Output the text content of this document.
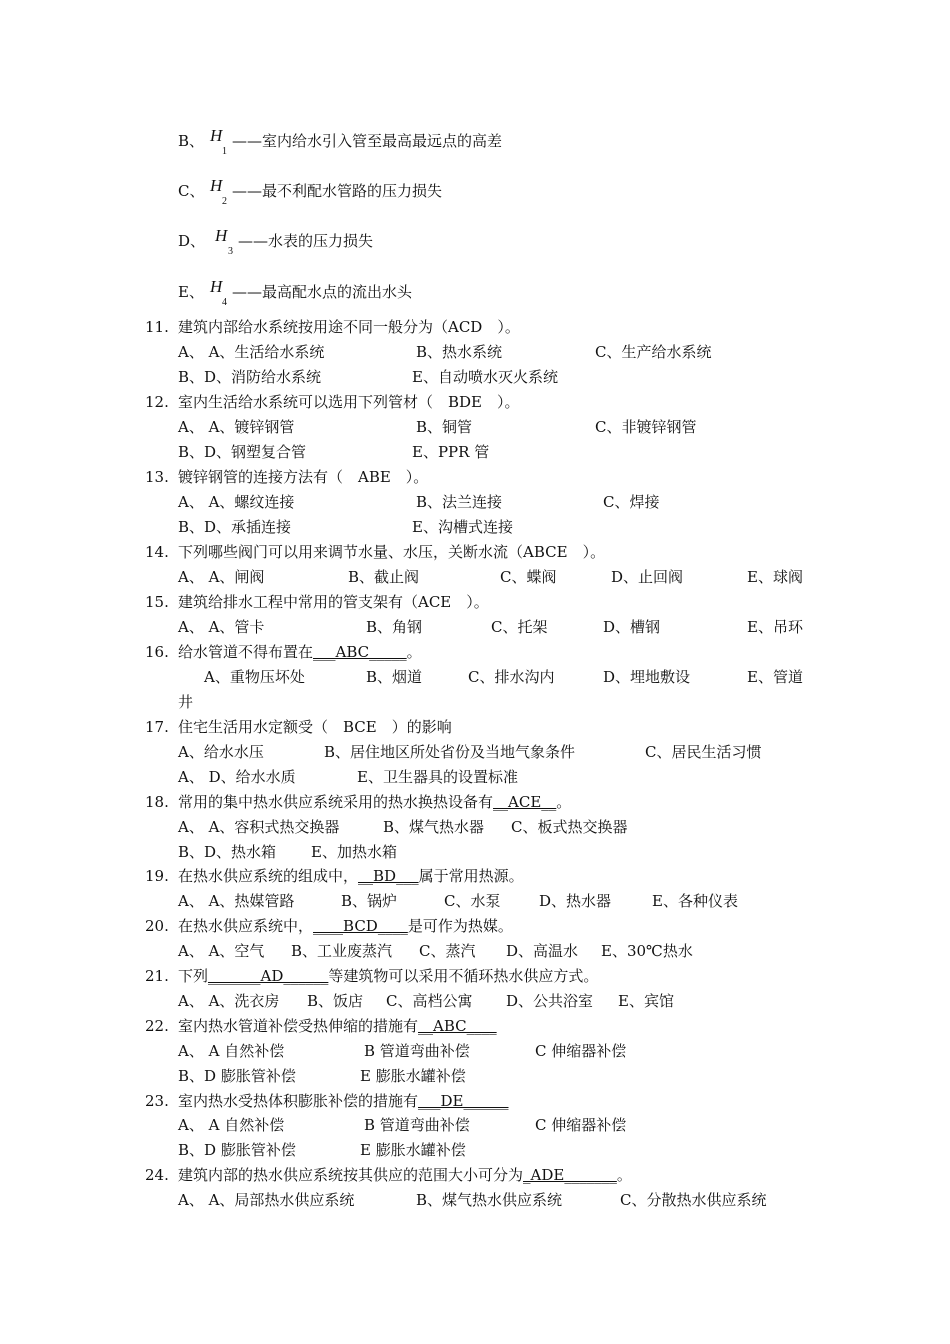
B、 H
1
——室内给水引入管至最高最远点的高差
C、 H
2
——最不利配水管路的压力损失
D、 H
3
——水表的压力损失
E、 H
4
——最高配水点的流出水头
11. 建筑内部给水系统按用途不同一般分为（ACD　）。
A、 A、生活给水系统	B、热水系统	C、生产给水系统
B、D、消防给水系统	E、自动喷水灭火系统
12. 室内生活给水系统可以选用下列管材（　BDE　）。
A、 A、镀锌钢管	B、铜管	C、非镀锌钢管
B、D、钢塑复合管	E、PPR 管
13. 镀锌钢管的连接方法有（　ABE　）。
A、 A、螺纹连接	B、法兰连接	C、焊接
B、D、承插连接	E、沟槽式连接
14. 下列哪些阀门可以用来调节水量、水压，关断水流（ABCE　）。
A、 A、闸阀	B、截止阀	C、蝶阀	D、止回阀	E、球阀
15. 建筑给排水工程中常用的管支架有（ACE　）。
A、 A、管卡	B、角钢	C、托架	D、槽钢	E、吊环
16. 给水管道不得布置在___ABC_____。
A、重物压坏处	B、烟道	C、排水沟内	D、埋地敷设	E、管道
井
17. 住宅生活用水定额受（　BCE　）的影响
A、给水水压	B、居住地区所处省份及当地气象条件	C、居民生活习惯
A、 D、给水水质	E、卫生器具的设置标准
18. 常用的集中热水供应系统采用的热水换热设备有__ACE__。
A、 A、容积式热交换器	B、煤气热水器 C、板式热交换器
B、D、热水箱 E、加热水箱
19. 在热水供应系统的组成中，__BD___属于常用热源。
A、 A、热媒管路	B、锅炉	C、水泵	D、热水器	E、各种仪表
20. 在热水供应系统中，____BCD____是可作为热媒。
A、 A、空气 B、工业废蒸汽 C、蒸汽 D、高温水 E、30℃热水
21. 下列_______AD______等建筑物可以采用不循环热水供应方式。
A、 A、洗衣房 B、饭店 C、高档公寓 D、公共浴室 E、宾馆
22. 室内热水管道补偿受热伸缩的措施有__ABC____
A、 A 自然补偿	B 管道弯曲补偿	C 伸缩器补偿
B、D 膨胀管补偿	E 膨胀水罐补偿
23. 室内热水受热体积膨胀补偿的措施有___DE______
A、 A 自然补偿	B 管道弯曲补偿	C 伸缩器补偿
B、D 膨胀管补偿	E 膨胀水罐补偿
24. 建筑内部的热水供应系统按其供应的范围大小可分为_ADE_______。
A、 A、局部热水供应系统	B、煤气热水供应系统	C、分散热水供应系统
